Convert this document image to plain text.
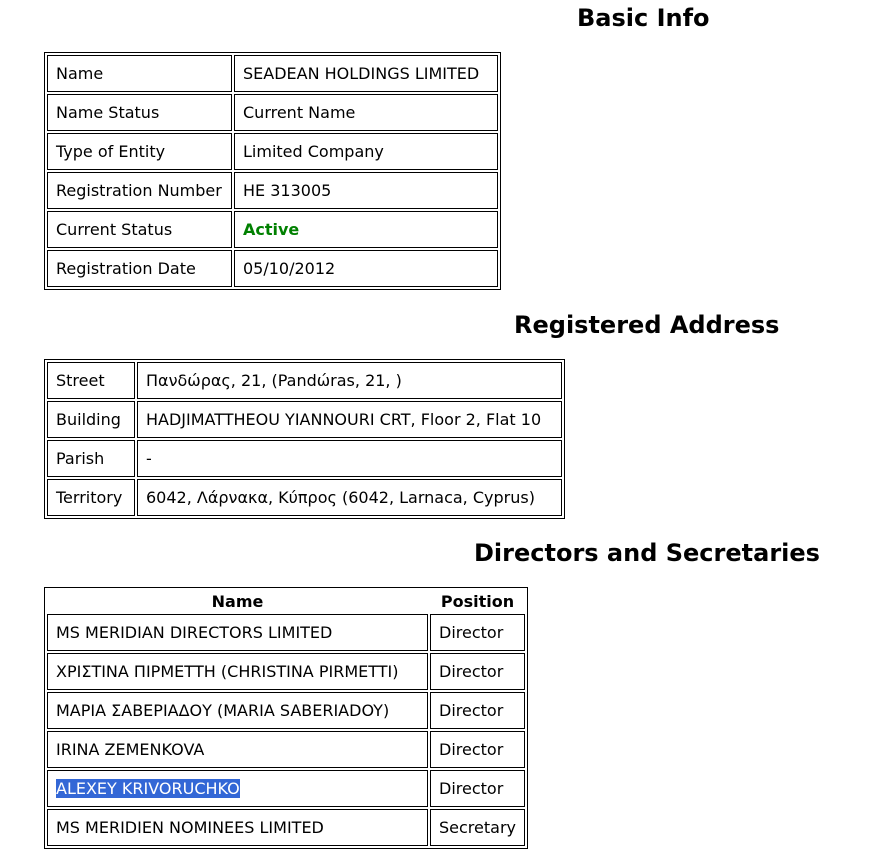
Basic Info
Name	SEADEAN HOLDINGS LIMITED
Name Status	Current Name
Type of Entity	Limited Company
Registration Number	HE 313005
Current Status	Active
Registration Date	05/10/2012
Registered Address
Street	Πανδώρας, 21, (Pandώras, 21, )
Building	HADJIMATTHEOU YIANNOURI CRT, Floor 2, Flat 10
Parish	-
Territory	6042, Λάρνακα, Κύπρος (6042, Larnaca, Cyprus)
Directors and Secretaries
Name	Position
MS MERIDIAN DIRECTORS LIMITED	Director
ΧΡΙΣΤΙΝΑ ΠΙΡΜΕΤΤΗ (CHRISTINA PIRMETTI)	Director
ΜΑΡΙΑ ΣΑΒΕΡΙΑΔΟΥ (MARIA SABERIADOY)	Director
IRINA ZEMENKOVA	Director
ALEXEY KRIVORUCHKO	Director
MS MERIDIEN NOMINEES LIMITED	Secretary
